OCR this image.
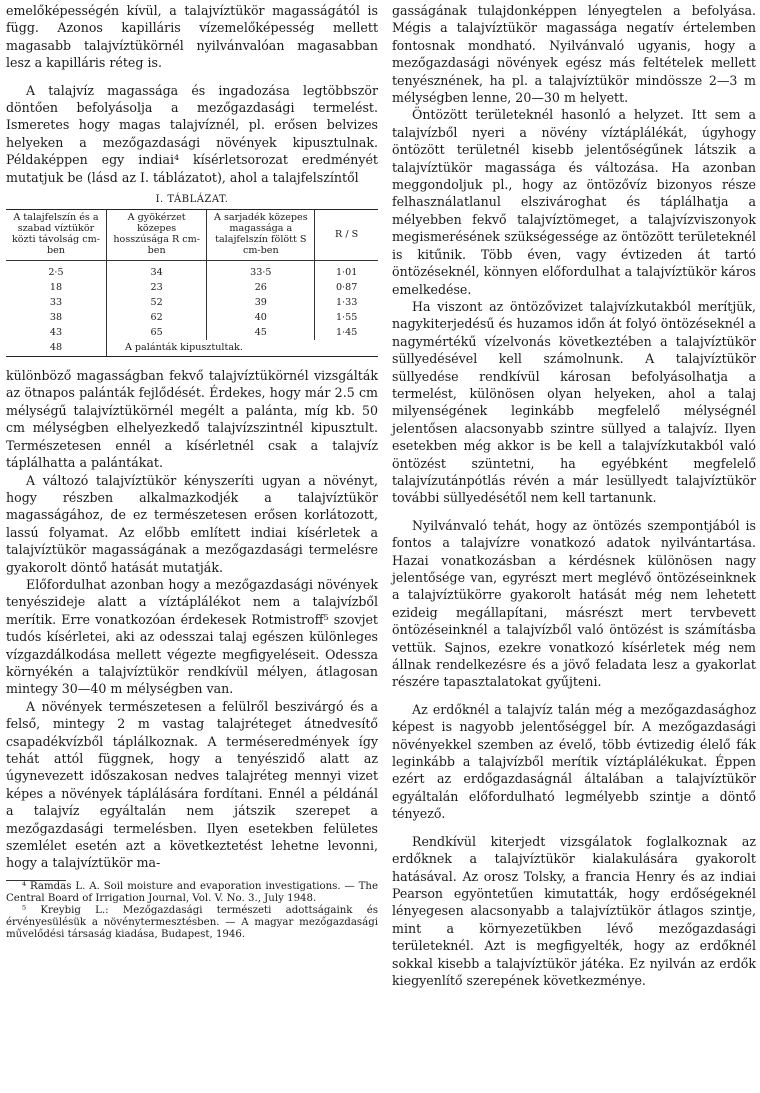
emelőképességén kívül, a talajvíztükör magasságától is függ. Azonos kapilláris vízemelőképesség mellett magasabb talajvíztükörnél nyilvánvalóan magasabban lesz a kapilláris réteg is.

A talajvíz magassága és ingadozása legtöbbször döntően befolyásolja a mezőgazdasági termelést. Ismeretes hogy magas talajvíznél, pl. erősen belvizes helyeken a mezőgazdasági növények kipusztulnak. Példaképpen egy indiai⁴ kísérletsorozat eredményét mutatjuk be (lásd az I. táblázatot), ahol a talajfelszíntől

I. TÁBLÁZAT.
A talajfelszín és a szabad víztükör közti távolság cm-ben	A gyökérzet közepes hosszúsága R cm-ben	A sarjadék közepes magassága a talajfelszín fölött S cm-ben	R / S
2·5	34	33·5	1·01
18	23	26	0·87
33	52	39	1·33
38	62	40	1·55
43	65	45	1·45
48	A palánták kipusztultak.		

különböző magasságban fekvő talajvíztükörnél vizsgálták az ötnapos palánták fejlődését. Érdekes, hogy már 2.5 cm mélységű talajvíztükörnél megélt a palánta, míg kb. 50 cm mélységben elhelyezkedő talajvízszintnél kipusztult. Természetesen ennél a kísérletnél csak a talajvíz táplálhatta a palántákat.

A változó talajvíztükör kényszeríti ugyan a növényt, hogy részben alkalmazkodjék a talajvíztükör magasságához, de ez természetesen erősen korlátozott, lassú folyamat. Az előbb említett indiai kísérletek a talajvíztükör magasságának a mezőgazdasági termelésre gyakorolt döntő hatását mutatják.

Előfordulhat azonban hogy a mezőgazdasági növények tenyészideje alatt a víztáplálékot nem a talajvízből merítik. Erre vonatkozóan érdekesek Rotmistroff⁵ szovjet tudós kísérletei, aki az odesszai talaj egészen különleges vízgazdálkodása mellett végezte megfigyeléseit. Odessza környékén a talajvíztükör rendkívül mélyen, átlagosan mintegy 30—40 m mélységben van.

A növények természetesen a felülről beszivárgó és a felső, mintegy 2 m vastag talajréteget átnedvesítő csapadékvízből táplálkoznak. A terméseredmények így tehát attól függnek, hogy a tenyészidő alatt az úgynevezett időszakosan nedves talajréteg mennyi vizet képes a növények táplálására fordítani. Ennél a példánál a talajvíz egyáltalán nem játszik szerepet a mezőgazdasági termelésben. Ilyen esetekben felületes szemlélet esetén azt a következtetést lehetne levonni, hogy a talajvíztükör ma-

⁴ Ramdas L. A. Soil moisture and evaporation investigations. — The Central Board of Irrigation Journal, Vol. V. No. 3., July 1948.

⁵ Kreybig L.: Mezőgazdasági természeti adottságaink és érvényesülésük a növénytermesztésben. — A magyar mezőgazdasági művelődési társaság kiadása, Budapest, 1946.

gasságának tulajdonképpen lényegtelen a befolyása. Mégis a talajvíztükör magassága negatív értelemben fontosnak mondható. Nyilvánvaló ugyanis, hogy a mezőgazdasági növények egész más feltételek mellett tenyésznének, ha pl. a talajvíztükör mindössze 2—3 m mélységben lenne, 20—30 m helyett.

Öntözött területeknél hasonló a helyzet. Itt sem a talajvízből nyeri a növény víztáplálékát, úgyhogy öntözött területnél kisebb jelentőségűnek látszik a talajvíztükör magassága és változása. Ha azonban meggondoljuk pl., hogy az öntözővíz bizonyos része felhasználatlanul elszivároghat és táplálhatja a mélyebben fekvő talajvíztömeget, a talajvízviszonyok megismerésének szükségessége az öntözött területeknél is kitűnik. Több éven, vagy évtizeden át tartó öntözéseknél, könnyen előfordulhat a talajvíztükör káros emelkedése.

Ha viszont az öntözővizet talajvízkutakból merítjük, nagykiterjedésű és huzamos időn át folyó öntözéseknél a nagymértékű vízelvonás következtében a talajvíztükör süllyedésével kell számolnunk. A talajvíztükör süllyedése rendkívül károsan befolyásolhatja a termelést, különösen olyan helyeken, ahol a talaj milyenségének leginkább megfelelő mélységnél jelentősen alacsonyabb szintre süllyed a talajvíz. Ilyen esetekben még akkor is be kell a talajvízkutakból való öntözést szüntetni, ha egyébként megfelelő talajvízutánpótlás révén a már lesüllyedt talajvíztükör további süllyedésétől nem kell tartanunk.

Nyilvánvaló tehát, hogy az öntözés szempontjából is fontos a talajvízre vonatkozó adatok nyilvántartása. Hazai vonatkozásban a kérdésnek különösen nagy jelentősége van, egyrészt mert meglévő öntözéseinknek a talajvíztükörre gyakorolt hatását még nem lehetett ezideig megállapítani, másrészt mert tervbevett öntözéseinknél a talajvízből való öntözést is számításba vettük. Sajnos, ezekre vonatkozó kísérletek még nem állnak rendelkezésre és a jövő feladata lesz a gyakorlat részére tapasztalatokat gyűjteni.

Az erdőknél a talajvíz talán még a mezőgazdasághoz képest is nagyobb jelentőséggel bír. A mezőgazdasági növényekkel szemben az évelő, több évtizedig élelő fák leginkább a talajvízből merítik víztáplálékukat. Éppen ezért az erdőgazdaságnál általában a talajvíztükör egyáltalán előfordulható legmélyebb szintje a döntő tényező.

Rendkívül kiterjedt vizsgálatok foglalkoznak az erdőknek a talajvíztükör kialakulására gyakorolt hatásával. Az orosz Tolsky, a francia Henry és az indiai Pearson egyöntetűen kimutatták, hogy erdőségeknél lényegesen alacsonyabb a talajvíztükör átlagos szintje, mint a környezetükben lévő mezőgazdasági területeknél. Azt is megfigyelték, hogy az erdőknél sokkal kisebb a talajvíztükör játéka. Ez nyilván az erdők kiegyenlítő szerepének következménye.
